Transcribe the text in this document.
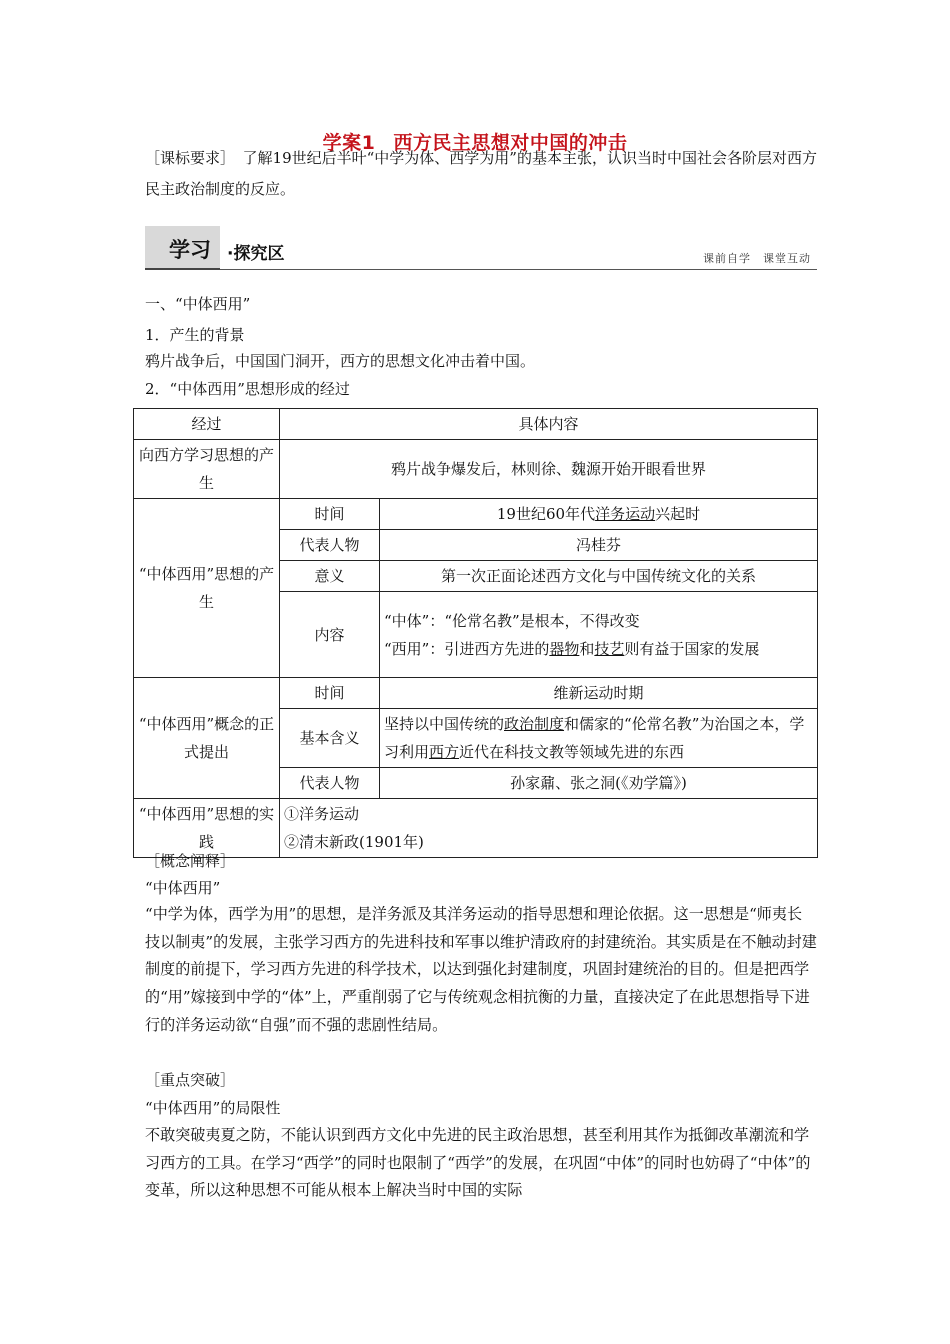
学案1 西方民主思想对中国的冲击
［课标要求］　 了解19世纪后半叶“中学为体、西学为用”的基本主张，认识当时中国社会各阶层对西方民主政治制度的反应。
学习 ·探究区	课前自学　课堂互动
一、“中体西用”
1．产生的背景
鸦片战争后，中国国门洞开，西方的思想文化冲击着中国。
2．“中体西用”思想形成的经过
经过	具体内容	
向西方学习思想的产生	鸦片战争爆发后，林则徐、魏源开始开眼看世界	
“中体西用”思想的产生	时间	19世纪60年代洋务运动兴起时
	代表人物	冯桂芬
	意义	第一次正面论述西方文化与中国传统文化的关系
	内容	“中体”：“伦常名教”是根本，不得改变
“西用”：引进西方先进的器物和技艺则有益于国家的发展

“中体西用”概念的正式提出	时间	维新运动时期
	基本含义	坚持以中国传统的政治制度和儒家的“伦常名教”为治国之本，学习利用西方近代在科技文教等领域先进的东西
	代表人物	孙家鼐、张之洞(《劝学篇》)
“中体西用”思想的实践	①洋务运动
②清末新政(1901年)	
［概念阐释］
“中体西用”
“中学为体，西学为用”的思想，是洋务派及其洋务运动的指导思想和理论依据。这一思想是“师夷长技以制夷”的发展，主张学习西方的先进科技和军事以维护清政府的封建统治。其实质是在不触动封建制度的前提下，学习西方先进的科学技术，以达到强化封建制度，巩固封建统治的目的。但是把西学的“用”嫁接到中学的“体”上，严重削弱了它与传统观念相抗衡的力量，直接决定了在此思想指导下进行的洋务运动欲“自强”而不强的悲剧性结局。
［重点突破］
“中体西用”的局限性
不敢突破夷夏之防，不能认识到西方文化中先进的民主政治思想，甚至利用其作为抵御改革潮流和学习西方的工具。在学习“西学”的同时也限制了“西学”的发展，在巩固“中体”的同时也妨碍了“中体”的变革，所以这种思想不可能从根本上解决当时中国的实际
